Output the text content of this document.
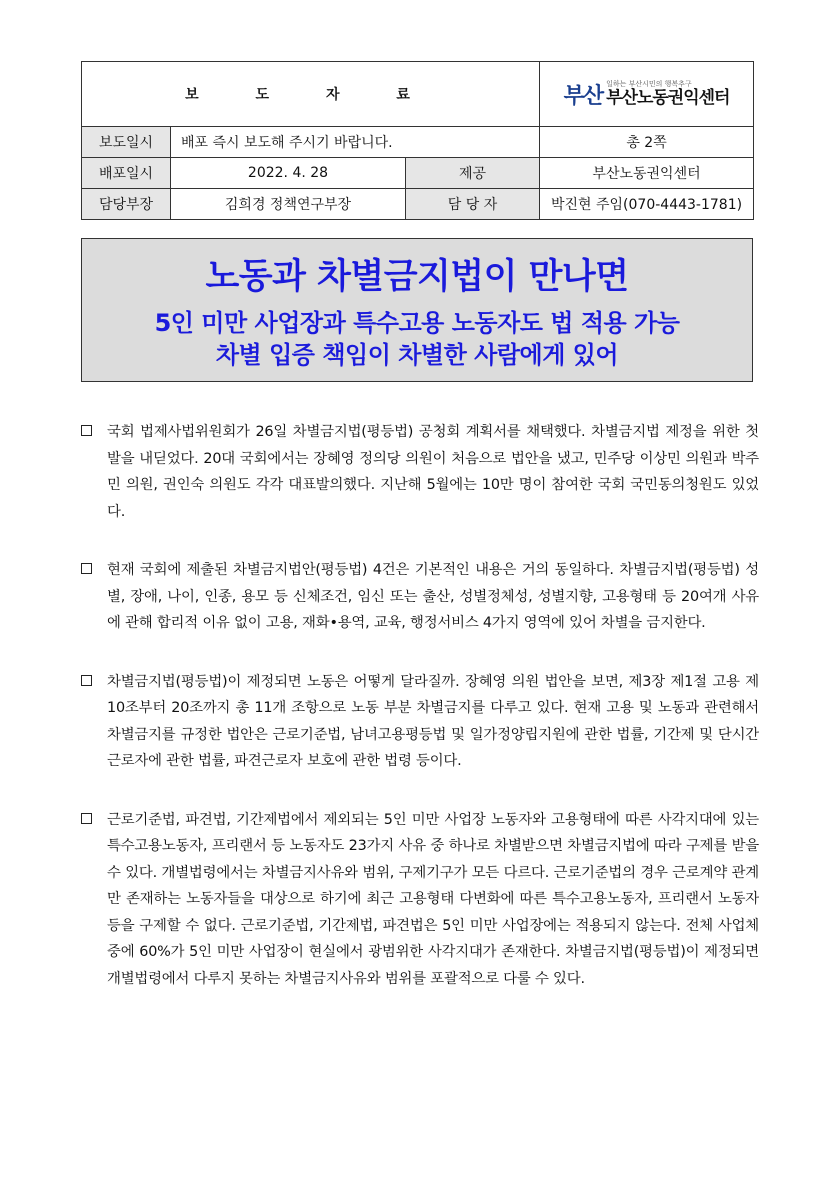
보 도 자 료			부산 일하는 부산시민의 행복추구
부산노동권익센터

보도일시	배포 즉시 보도해 주시기 바랍니다.		총 2쪽
배포일시	2022. 4. 28	제공	부산노동권익센터
담당부장	김희경 정책연구부장	담 당 자	박진현 주임(070-4443-1781)
노동과 차별금지법이 만나면
5인 미만 사업장과 특수고용 노동자도 법 적용 가능
차별 입증 책임이 차별한 사람에게 있어

국회 법제사법위원회가 26일 차별금지법(평등법) 공청회 계획서를 채택했다. 차별금지법 제정을 위한 첫발을 내딛었다. 20대 국회에서는 장혜영 정의당 의원이 처음으로 법안을 냈고, 민주당 이상민 의원과 박주민 의원, 권인숙 의원도 각각 대표발의했다. 지난해 5월에는 10만 명이 참여한 국회 국민동의청원도 있었다.

현재 국회에 제출된 차별금지법안(평등법) 4건은 기본적인 내용은 거의 동일하다. 차별금지법(평등법) 성별, 장애, 나이, 인종, 용모 등 신체조건, 임신 또는 출산, 성별정체성, 성별지향, 고용형태 등 20여개 사유에 관해 합리적 이유 없이 고용, 재화•용역, 교육, 행정서비스 4가지 영역에 있어 차별을 금지한다.

차별금지법(평등법)이 제정되면 노동은 어떻게 달라질까. 장혜영 의원 법안을 보면, 제3장 제1절 고용 제10조부터 20조까지 총 11개 조항으로 노동 부분 차별금지를 다루고 있다. 현재 고용 및 노동과 관련해서 차별금지를 규정한 법안은 근로기준법, 남녀고용평등법 및 일가정양립지원에 관한 법률, 기간제 및 단시간근로자에 관한 법률, 파견근로자 보호에 관한 법령 등이다.

근로기준법, 파견법, 기간제법에서 제외되는 5인 미만 사업장 노동자와 고용형태에 따른 사각지대에 있는 특수고용노동자, 프리랜서 등 노동자도 23가지 사유 중 하나로 차별받으면 차별금지법에 따라 구제를 받을 수 있다. 개별법령에서는 차별금지사유와 범위, 구제기구가 모든 다르다. 근로기준법의 경우 근로계약 관계만 존재하는 노동자들을 대상으로 하기에 최근 고용형태 다변화에 따른 특수고용노동자, 프리랜서 노동자 등을 구제할 수 없다. 근로기준법, 기간제법, 파견법은 5인 미만 사업장에는 적용되지 않는다. 전체 사업체 중에 60%가 5인 미만 사업장이 현실에서 광범위한 사각지대가 존재한다. 차별금지법(평등법)이 제정되면 개별법령에서 다루지 못하는 차별금지사유와 범위를 포괄적으로 다룰 수 있다.
